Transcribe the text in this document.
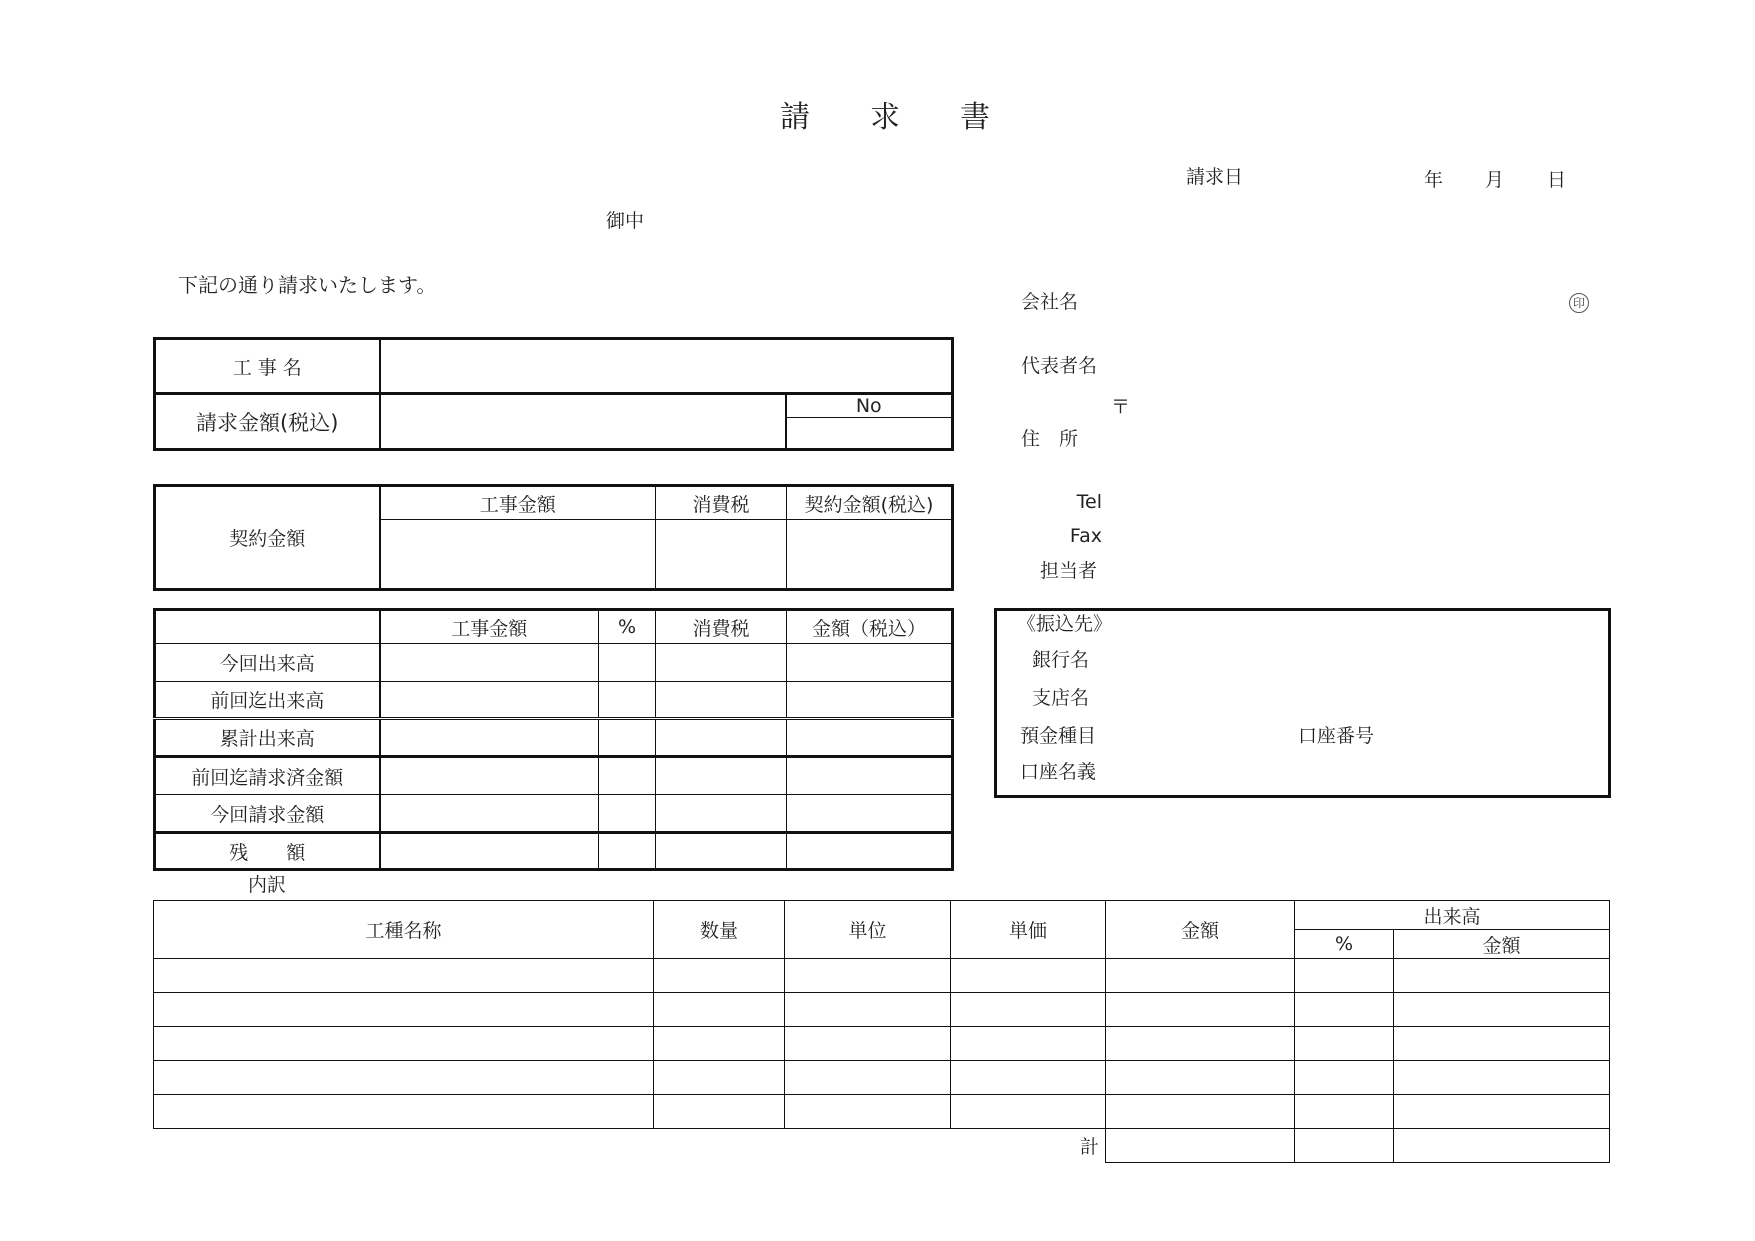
請　　求　　書
請求日	年 月 日
御中
下記の通り請求いたします。
会社名	印
代表者名
〒
住　所
Tel
Fax
担当者
工 事 名		
請求金額(税込)		No

契約金額	工事金額	消費税	契約金額(税込)

	工事金額	%	消費税	金額（税込）
今回出来高				
前回迄出来高				
累計出来高				
前回迄請求済金額				
今回請求金額				
残　　額				
《振込先》
銀行名
支店名
預金種目	口座番号
口座名義
内訳
工種名称	数量	単位	単価	金額	出来高	
					%	金額

計						
